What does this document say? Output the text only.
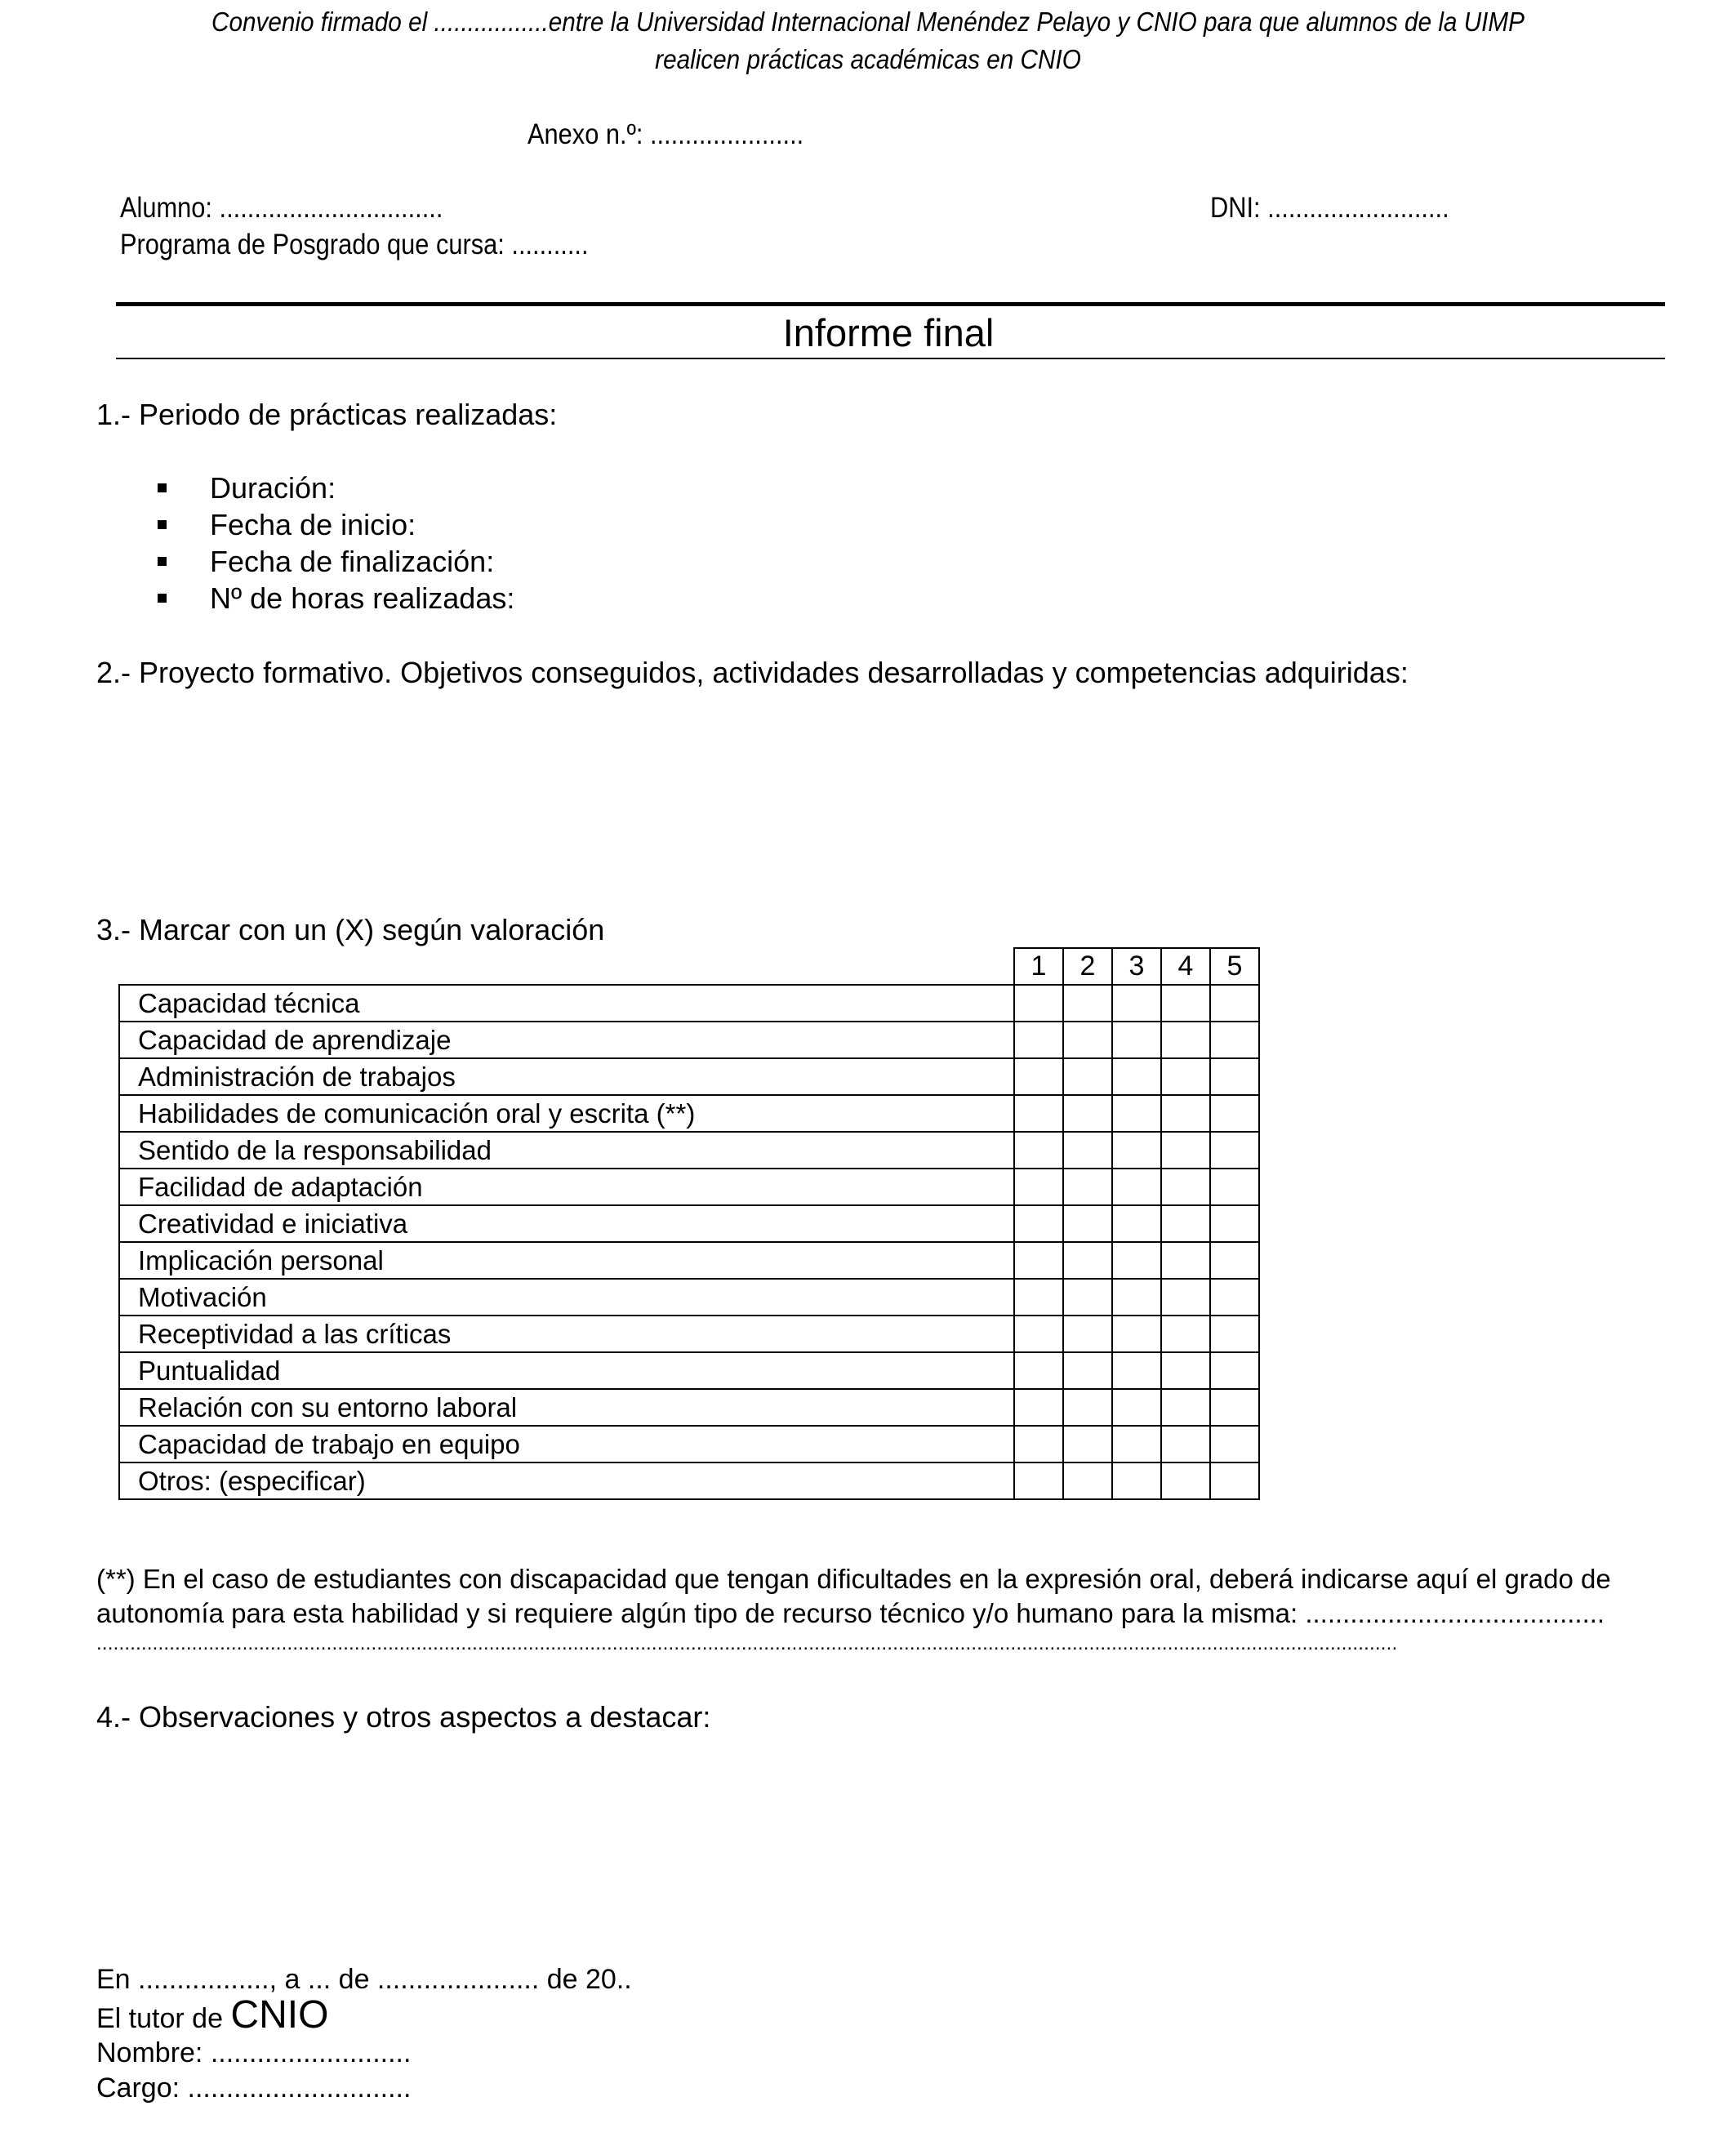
Convenio firmado el .................entre la Universidad Internacional Menéndez Pelayo y CNIO para que alumnos de la UIMP
realicen prácticas académicas en CNIO
Anexo n.º: ......................
Alumno: ................................	DNI: ..........................
Programa de Posgrado que cursa: ...........
Informe final
1.- Periodo de prácticas realizadas:
Duración:
Fecha de inicio:
Fecha de finalización:
Nº de horas realizadas:
2.- Proyecto formativo. Objetivos conseguidos, actividades desarrolladas y competencias adquiridas:
3.- Marcar con un (X) según valoración
	1	2	3	4	5
Capacidad técnica					
Capacidad de aprendizaje					
Administración de trabajos					
Habilidades de comunicación oral y escrita (**)					
Sentido de la responsabilidad					
Facilidad de adaptación					
Creatividad e iniciativa					
Implicación personal					
Motivación					
Receptividad a las críticas					
Puntualidad					
Relación con su entorno laboral					
Capacidad de trabajo en equipo					
Otros: (especificar)					
(**) En el caso de estudiantes con discapacidad que tengan dificultades en la expresión oral, deberá indicarse aquí el grado de
autonomía para esta habilidad y si requiere algún tipo de recurso técnico y/o humano para la misma: ........................................
........................................................................................................................................................................................................................................
4.- Observaciones y otros aspectos a destacar:
En ................., a ... de ..................... de 20..
El tutor de CNIO
Nombre: ..........................
Cargo: .............................
